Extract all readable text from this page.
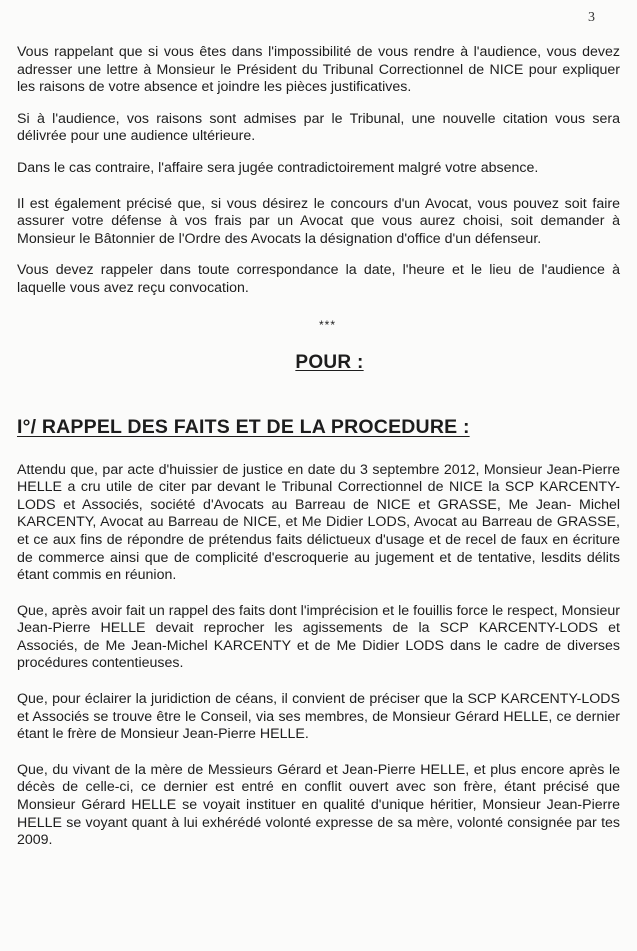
3

Vous rappelant que si vous êtes dans l'impossibilité de vous rendre à l'audience, vous devez adresser une lettre à Monsieur le Président du Tribunal Correctionnel de NICE pour expliquer les raisons de votre absence et joindre les pièces justificatives.

Si à l'audience, vos raisons sont admises par le Tribunal, une nouvelle citation vous sera délivrée pour une audience ultérieure.

Dans le cas contraire, l'affaire sera jugée contradictoirement malgré votre absence.

Il est également précisé que, si vous désirez le concours d'un Avocat, vous pouvez soit faire assurer votre défense à vos frais par un Avocat que vous aurez choisi, soit demander à Monsieur le Bâtonnier de l'Ordre des Avocats la désignation d'office d'un défenseur.

Vous devez rappeler dans toute correspondance la date, l'heure et le lieu de l'audience à laquelle vous avez reçu convocation.

***

POUR :

I°/ RAPPEL DES FAITS ET DE LA PROCEDURE :

Attendu que, par acte d'huissier de justice en date du 3 septembre 2012, Monsieur Jean-Pierre HELLE a cru utile de citer par devant le Tribunal Correctionnel de NICE la SCP KARCENTY-LODS et Associés, société d'Avocats au Barreau de NICE et GRASSE, Me Jean- Michel KARCENTY, Avocat au Barreau de NICE, et Me Didier LODS, Avocat au Barreau de GRASSE, et ce aux fins de répondre de prétendus faits délictueux d'usage et de recel de faux en écriture de commerce ainsi que de complicité d'escroquerie au jugement et de tentative, lesdits délits étant commis en réunion.

Que, après avoir fait un rappel des faits dont l'imprécision et le fouillis force le respect, Monsieur Jean-Pierre HELLE devait reprocher les agissements de la SCP KARCENTY-LODS et Associés, de Me Jean-Michel KARCENTY et de Me Didier LODS dans le cadre de diverses procédures contentieuses.

Que, pour éclairer la juridiction de céans, il convient de préciser que la SCP KARCENTY-LODS et Associés se trouve être le Conseil, via ses membres, de Monsieur Gérard HELLE, ce dernier étant le frère de Monsieur Jean-Pierre HELLE.

Que, du vivant de la mère de Messieurs Gérard et Jean-Pierre HELLE, et plus encore après le décès de celle-ci, ce dernier est entré en conflit ouvert avec son frère, étant précisé que Monsieur Gérard HELLE se voyait instituer en qualité d'unique héritier, Monsieur Jean-Pierre HELLE se voyant quant à lui exhérédé volonté expresse de sa mère, volonté consignée par tes 2009.
